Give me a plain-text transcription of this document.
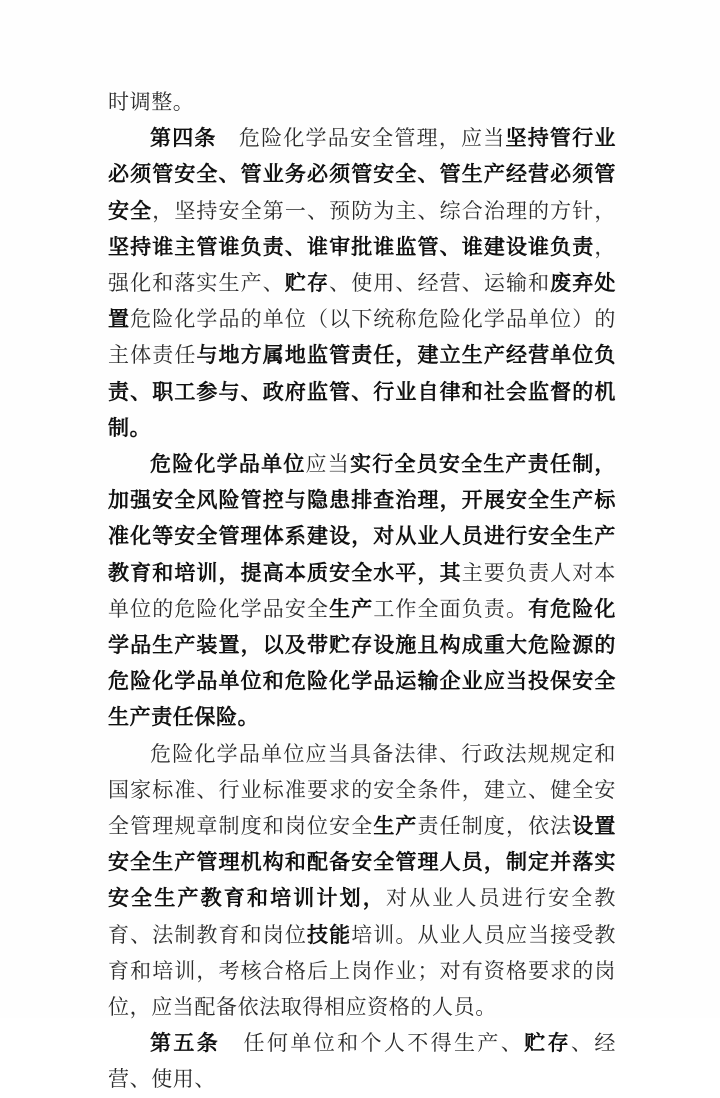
时调整。

第四条　危险化学品安全管理，应当坚持管行业必须管安全、管业务必须管安全、管生产经营必须管安全，坚持安全第一、预防为主、综合治理的方针，坚持谁主管谁负责、谁审批谁监管、谁建设谁负责，强化和落实生产、贮存、使用、经营、运输和废弃处置危险化学品的单位（以下统称危险化学品单位）的主体责任与地方属地监管责任，建立生产经营单位负责、职工参与、政府监管、行业自律和社会监督的机制。

危险化学品单位应当实行全员安全生产责任制，加强安全风险管控与隐患排查治理，开展安全生产标准化等安全管理体系建设，对从业人员进行安全生产教育和培训，提高本质安全水平，其主要负责人对本单位的危险化学品安全生产工作全面负责。有危险化学品生产装置，以及带贮存设施且构成重大危险源的危险化学品单位和危险化学品运输企业应当投保安全生产责任保险。

危险化学品单位应当具备法律、行政法规规定和国家标准、行业标准要求的安全条件，建立、健全安全管理规章制度和岗位安全生产责任制度，依法设置安全生产管理机构和配备安全管理人员，制定并落实安全生产教育和培训计划，对从业人员进行安全教育、法制教育和岗位技能培训。从业人员应当接受教育和培训，考核合格后上岗作业；对有资格要求的岗位，应当配备依法取得相应资格的人员。

第五条　任何单位和个人不得生产、贮存、经营、使用、
